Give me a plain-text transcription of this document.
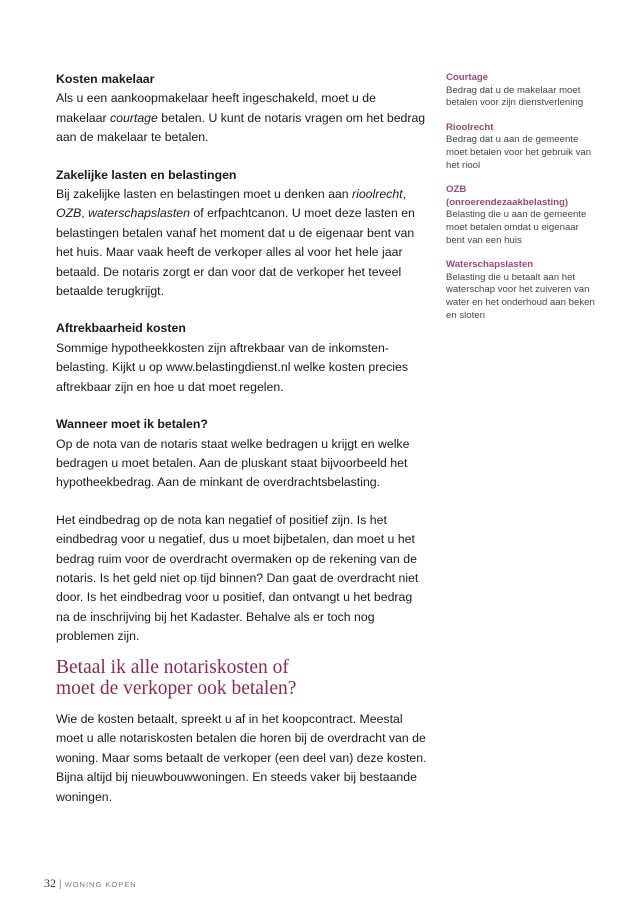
Kosten makelaar

Als u een aankoopmakelaar heeft ingeschakeld, moet u de makelaar courtage betalen. U kunt de notaris vragen om het bedrag aan de makelaar te betalen.

Zakelijke lasten en belastingen

Bij zakelijke lasten en belastingen moet u denken aan rioolrecht, OZB, waterschapslasten of erfpachtcanon. U moet deze lasten en belastingen betalen vanaf het moment dat u de eigenaar bent van het huis. Maar vaak heeft de verkoper alles al voor het hele jaar betaald. De notaris zorgt er dan voor dat de verkoper het teveel betaalde terugkrijgt.

Aftrekbaarheid kosten

Sommige hypotheekkosten zijn aftrekbaar van de inkomsten-belasting. Kijkt u op www.belastingdienst.nl welke kosten precies aftrekbaar zijn en hoe u dat moet regelen.

Wanneer moet ik betalen?

Op de nota van de notaris staat welke bedragen u krijgt en welke bedragen u moet betalen. Aan de pluskant staat bijvoorbeeld het hypotheekbedrag. Aan de minkant de overdrachtsbelasting.

Het eindbedrag op de nota kan negatief of positief zijn. Is het eindbedrag voor u negatief, dus u moet bijbetalen, dan moet u het bedrag ruim voor de overdracht overmaken op de rekening van de notaris. Is het geld niet op tijd binnen? Dan gaat de overdracht niet door. Is het eindbedrag voor u positief, dan ontvangt u het bedrag na de inschrijving bij het Kadaster. Behalve als er toch nog problemen zijn.

Betaal ik alle notariskosten of
moet de verkoper ook betalen?

Wie de kosten betaalt, spreekt u af in het koopcontract. Meestal moet u alle notariskosten betalen die horen bij de overdracht van de woning. Maar soms betaalt de verkoper (een deel van) deze kosten. Bijna altijd bij nieuwbouwwoningen. En steeds vaker bij bestaande woningen.

Courtage
Bedrag dat u de makelaar moet betalen voor zijn dienstverlening
Rioolrecht
Bedrag dat u aan de gemeente moet betalen voor het gebruik van het riool
OZB
(onroerendezaakbelasting)
Belasting die u aan de gemeente moet betalen omdat u eigenaar bent van een huis
Waterschapslasten
Belasting die u betaalt aan het waterschap voor het zuiveren van water en het onderhoud aan beken en sloten
32 | WONING KOPEN
